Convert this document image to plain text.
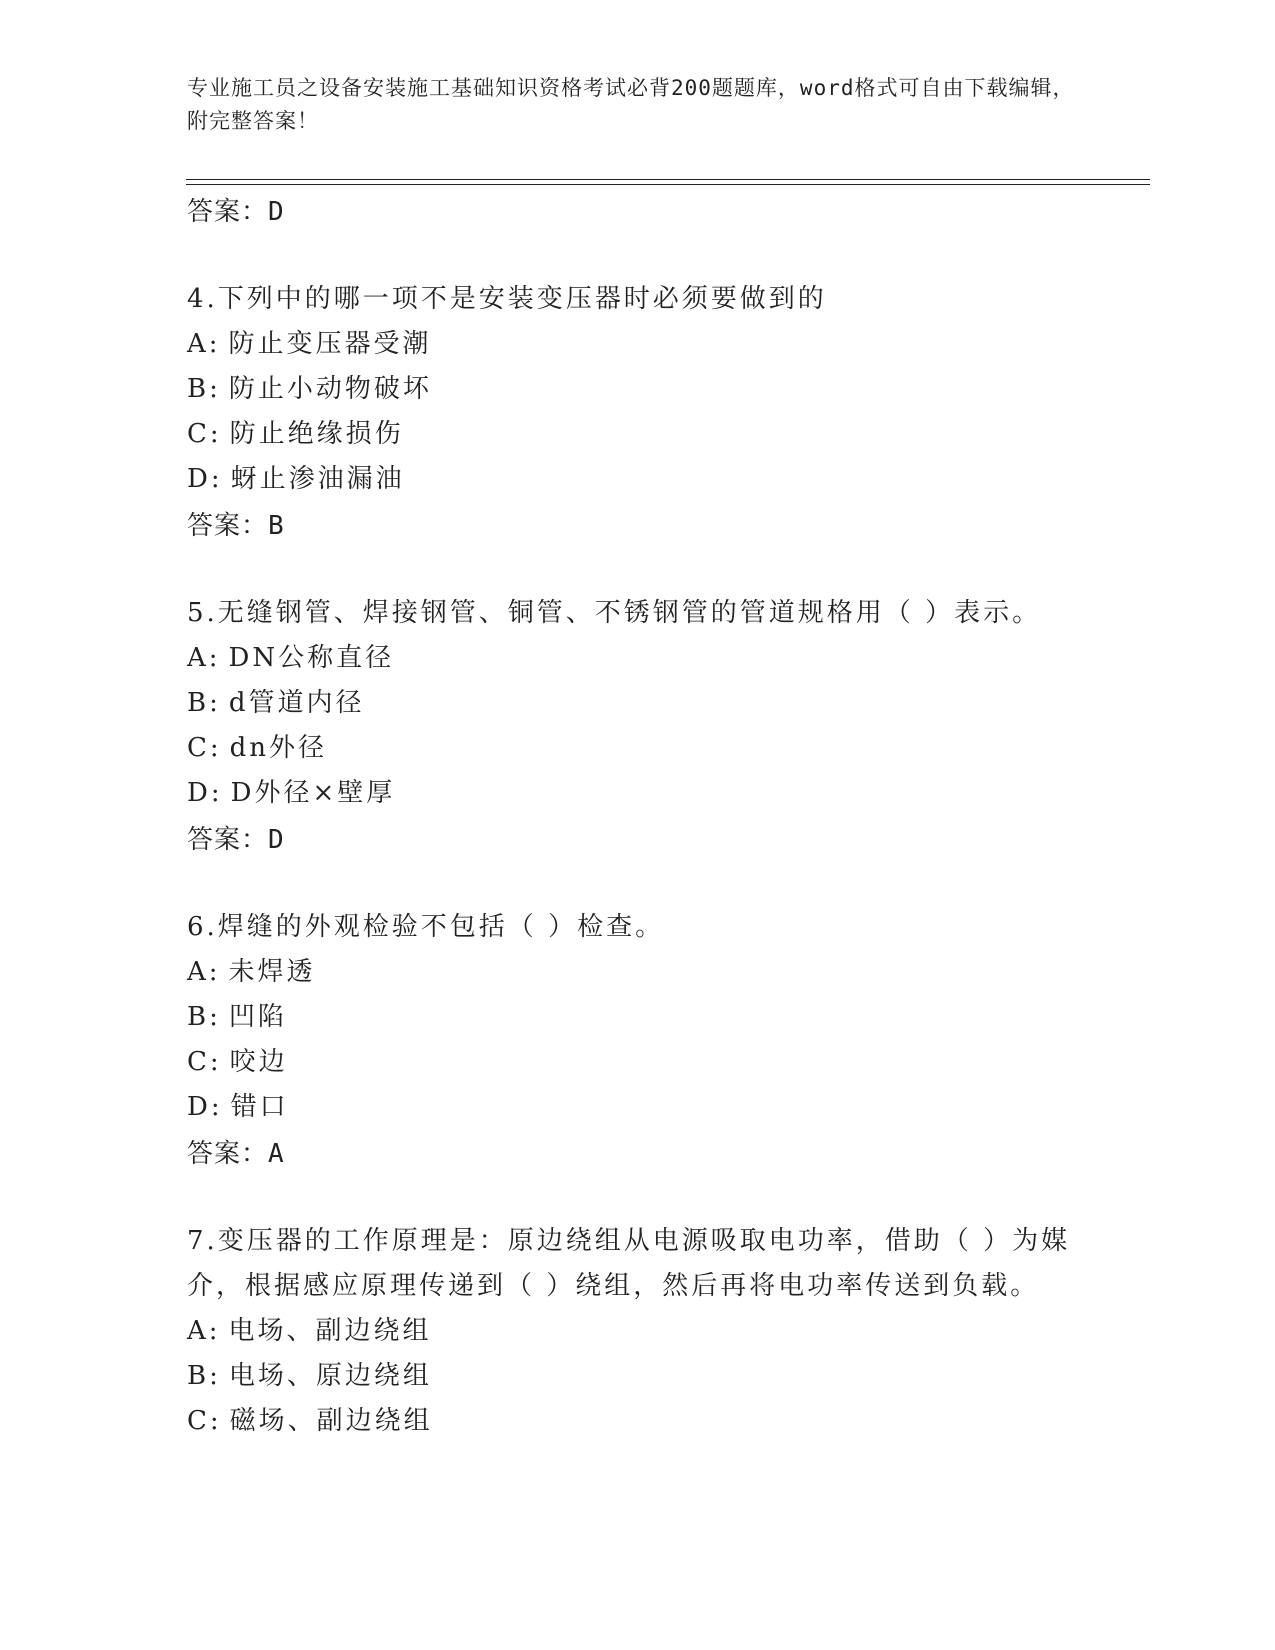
专业施工员之设备安装施工基础知识资格考试必背200题题库，word格式可自由下载编辑，附完整答案！
答案：D
4.下列中的哪一项不是安装变压器时必须要做到的
A: 防止变压器受潮
B: 防止小动物破坏
C: 防止绝缘损伤
D: 蚜止渗油漏油
答案：B
5.无缝钢管、焊接钢管、铜管、不锈钢管的管道规格用（ ）表示。
A: DN公称直径
B: d管道内径
C: dn外径
D: D外径×壁厚
答案：D
6.焊缝的外观检验不包括（ ）检查。
A: 未焊透
B: 凹陷
C: 咬边
D: 错口
答案：A
7.变压器的工作原理是：原边绕组从电源吸取电功率，借助（ ）为媒介，根据感应原理传递到（ ）绕组，然后再将电功率传送到负载。
A: 电场、副边绕组
B: 电场、原边绕组
C: 磁场、副边绕组
